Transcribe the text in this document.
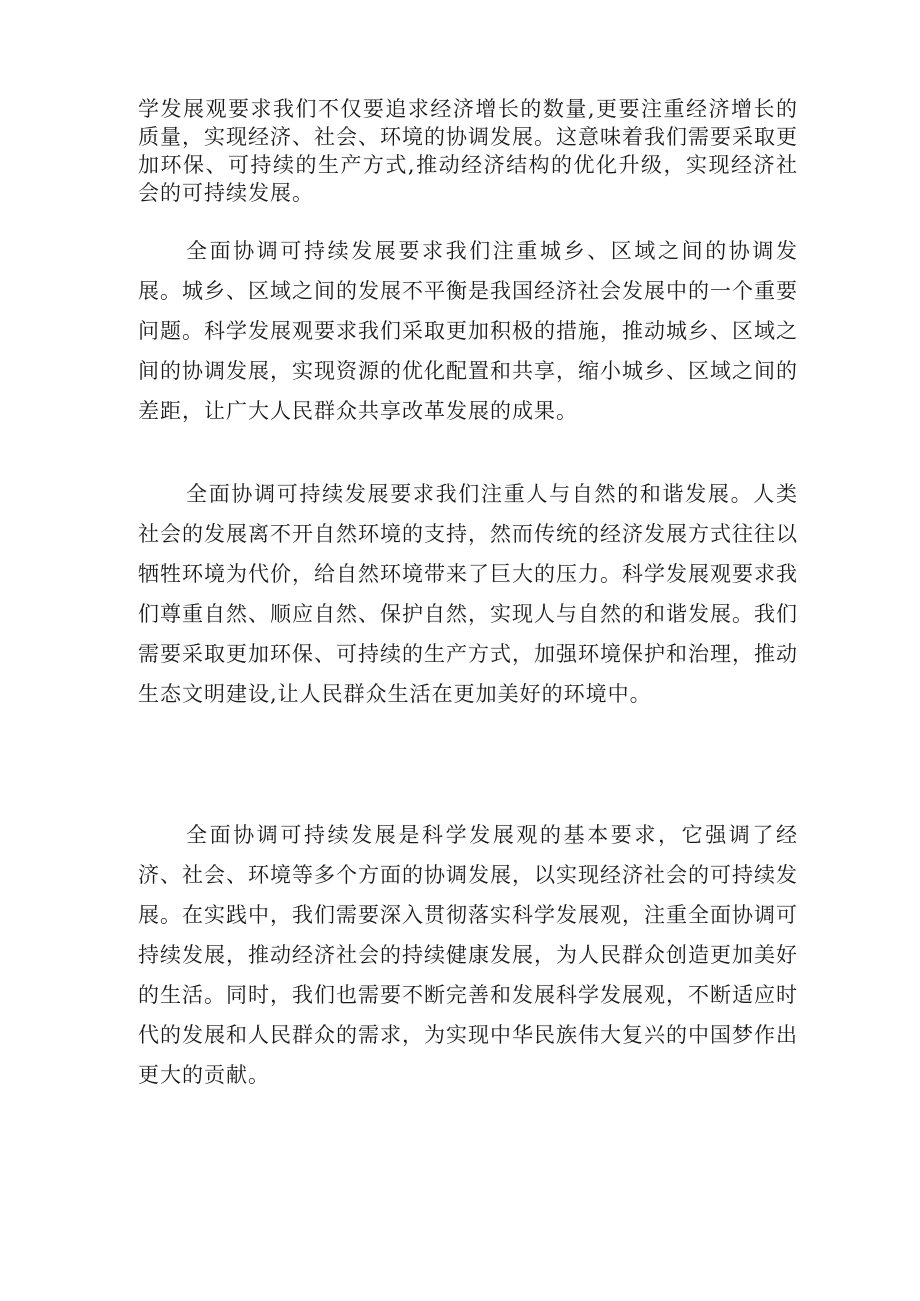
学发展观要求我们不仅要追求经济增长的数量,更要注重经济增长的质量，实现经济、社会、环境的协调发展。这意味着我们需要采取更加环保、可持续的生产方式,推动经济结构的优化升级，实现经济社会的可持续发展。

全面协调可持续发展要求我们注重城乡、区域之间的协调发展。城乡、区域之间的发展不平衡是我国经济社会发展中的一个重要问题。科学发展观要求我们采取更加积极的措施，推动城乡、区域之间的协调发展，实现资源的优化配置和共享，缩小城乡、区域之间的差距，让广大人民群众共享改革发展的成果。

全面协调可持续发展要求我们注重人与自然的和谐发展。人类社会的发展离不开自然环境的支持，然而传统的经济发展方式往往以牺牲环境为代价，给自然环境带来了巨大的压力。科学发展观要求我们尊重自然、顺应自然、保护自然，实现人与自然的和谐发展。我们需要采取更加环保、可持续的生产方式，加强环境保护和治理，推动生态文明建设,让人民群众生活在更加美好的环境中。

全面协调可持续发展是科学发展观的基本要求，它强调了经济、社会、环境等多个方面的协调发展，以实现经济社会的可持续发展。在实践中，我们需要深入贯彻落实科学发展观，注重全面协调可持续发展，推动经济社会的持续健康发展，为人民群众创造更加美好的生活。同时，我们也需要不断完善和发展科学发展观，不断适应时代的发展和人民群众的需求，为实现中华民族伟大复兴的中国梦作出更大的贡献。
